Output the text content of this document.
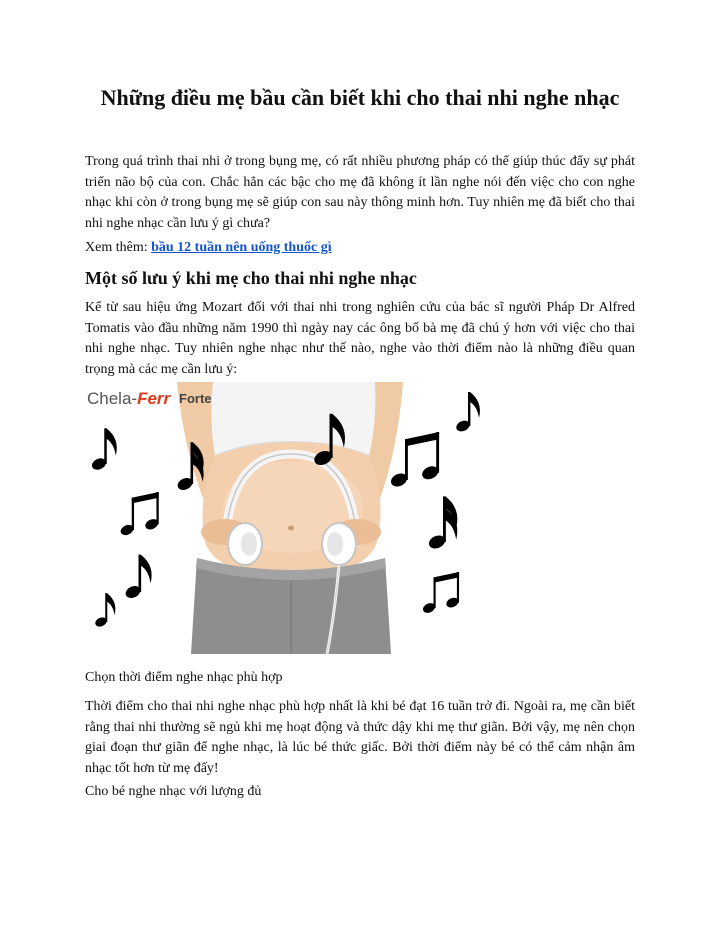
Những điều mẹ bầu cần biết khi cho thai nhi nghe nhạc

Trong quá trình thai nhi ở trong bụng mẹ, có rất nhiều phương pháp có thể giúp thúc đẩy sự phát triển não bộ của con. Chắc hẳn các bậc cho mẹ đã không ít lần nghe nói đến việc cho con nghe nhạc khi còn ở trong bụng mẹ sẽ giúp con sau này thông minh hơn. Tuy nhiên mẹ đã biết cho thai nhi nghe nhạc cần lưu ý gì chưa?

Xem thêm: bầu 12 tuần nên uống thuốc gì

Một số lưu ý khi mẹ cho thai nhi nghe nhạc

Kể từ sau hiệu ứng Mozart đối với thai nhi trong nghiên cứu của bác sĩ người Pháp Dr Alfred Tomatis vào đầu những năm 1990 thì ngày nay các ông bố bà mẹ đã chú ý hơn với việc cho thai nhi nghe nhạc. Tuy nhiên nghe nhạc như thế nào, nghe vào thời điểm nào là những điều quan trọng mà các mẹ cần lưu ý:

Chela-Ferr Forte

Chọn thời điểm nghe nhạc phù hợp

Thời điểm cho thai nhi nghe nhạc phù hợp nhất là khi bé đạt 16 tuần trở đi. Ngoài ra, mẹ cần biết rằng thai nhi thường sẽ ngủ khi mẹ hoạt động và thức dậy khi mẹ thư giãn. Bởi vậy, mẹ nên chọn giai đoạn thư giãn để nghe nhạc, là lúc bé thức giấc. Bởi thời điểm này bé có thể cảm nhận âm nhạc tốt hơn từ mẹ đấy!

Cho bé nghe nhạc với lượng đủ
